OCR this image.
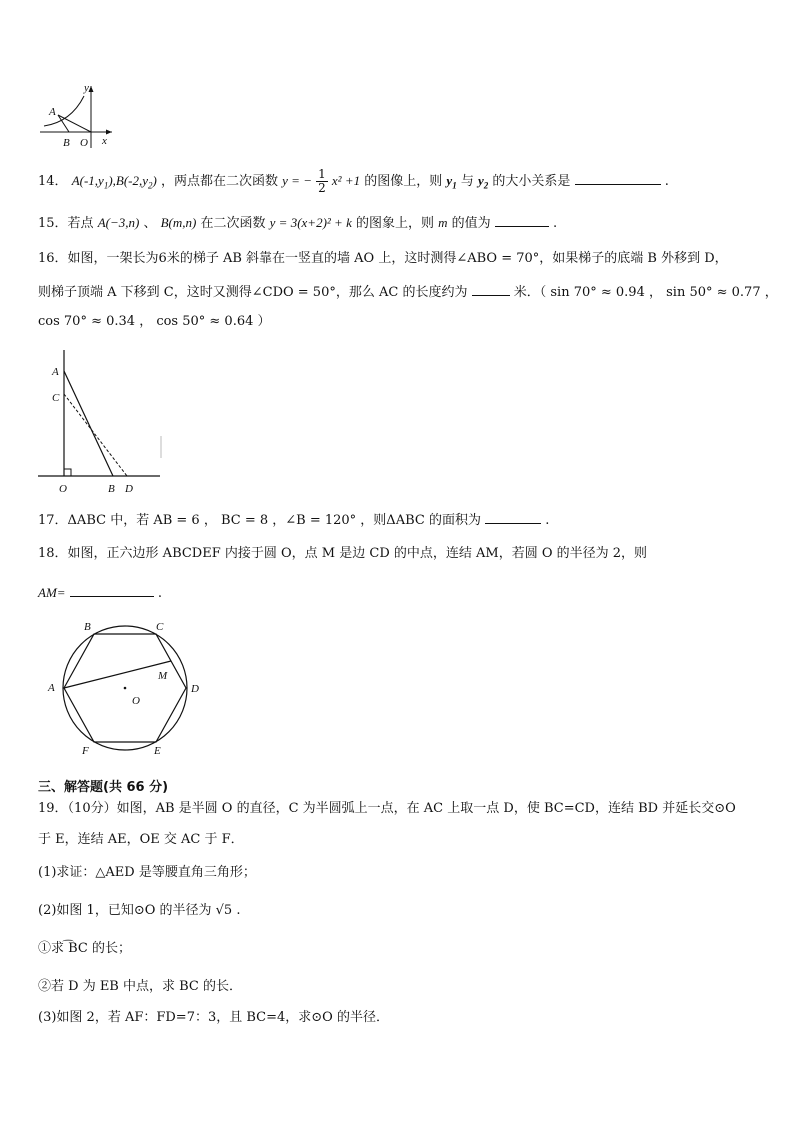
y
x
A
B O
14． $A(-1,y_1),B(-2,y_2)$ ，两点都在二次函数 y = − $\frac{1}{2} x^2 +1$ 的图像上，则 $y_1$ 与 $y_2$ 的大小关系是	.
15．若点 A(−3,n) 、 B(m,n) 在二次函数 y = 3(x+2)² + k 的图象上，则 m 的值为	.
16．如图，一架长为6米的梯子 AB 斜靠在一竖直的墙 AO 上，这时测得∠ABO = 70°，如果梯子的底端 B 外移到 D，
则梯子顶端 A 下移到 C，这时又测得∠CDO = 50°，那么 AC 的长度约为	米．（ sin 70° ≈ 0.94 ， sin 50° ≈ 0.77 ，
cos 70° ≈ 0.34 ， cos 50° ≈ 0.64 ）
A
C
O	B D
17．ΔABC 中，若 AB = 6 ， BC = 8 ，∠B = 120° ，则ΔABC 的面积为	.
18．如图，正六边形 ABCDEF 内接于圆 O，点 M 是边 CD 的中点，连结 AM，若圆 O 的半径为 2，则
AM=	.
A
B	C
D
E
F
M
O
三、解答题(共 66 分)
19．（10分）如图，AB 是半圆 O 的直径，C 为半圆弧上一点，在 AC 上取一点 D，使 BC=CD，连结 BD 并延长交⊙O
于 E，连结 AE，OE 交 AC 于 F．
(1)求证：△AED 是等腰直角三角形；
(2)如图 1，已知⊙O 的半径为 √5 .
①求 ͡BC 的长；
②若 D 为 EB 中点，求 BC 的长．
(3)如图 2，若 AF：FD=7：3，且 BC=4，求⊙O 的半径．
